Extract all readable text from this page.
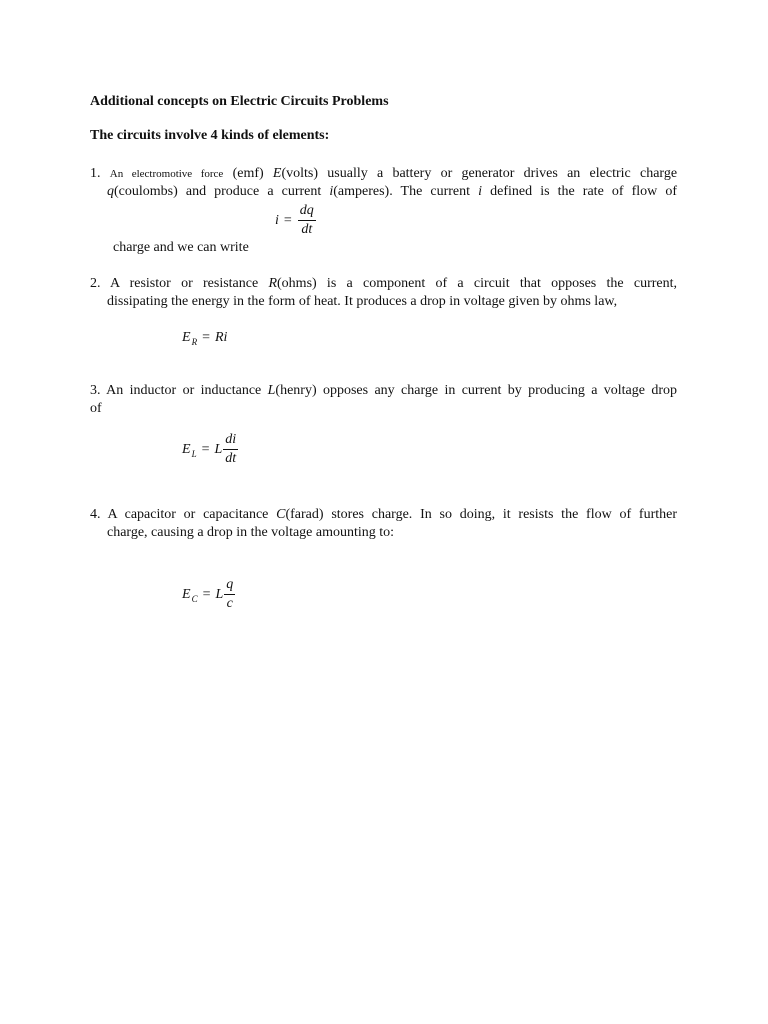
Additional concepts on Electric Circuits Problems
The circuits involve 4 kinds of elements:

1. An electromotive force (emf) E(volts) usually a battery or generator drives an electric charge

q(coulombs) and produce a current i(amperes). The current i defined is the rate of flow of

$i = \frac{dq}{dt}$
charge and we can write

2. A resistor or resistance R(ohms) is a component of a circuit that opposes the current,

dissipating the energy in the form of heat. It produces a drop in voltage given by ohms law,

E R = Ri

3. An inductor or inductance L(henry) opposes any charge in current by producing a voltage drop

of

E L = L $\frac{di}{dt}$

4. A capacitor or capacitance C(farad) stores charge. In so doing, it resists the flow of further

charge, causing a drop in the voltage amounting to:

E C = L $\frac{q}{c}$
